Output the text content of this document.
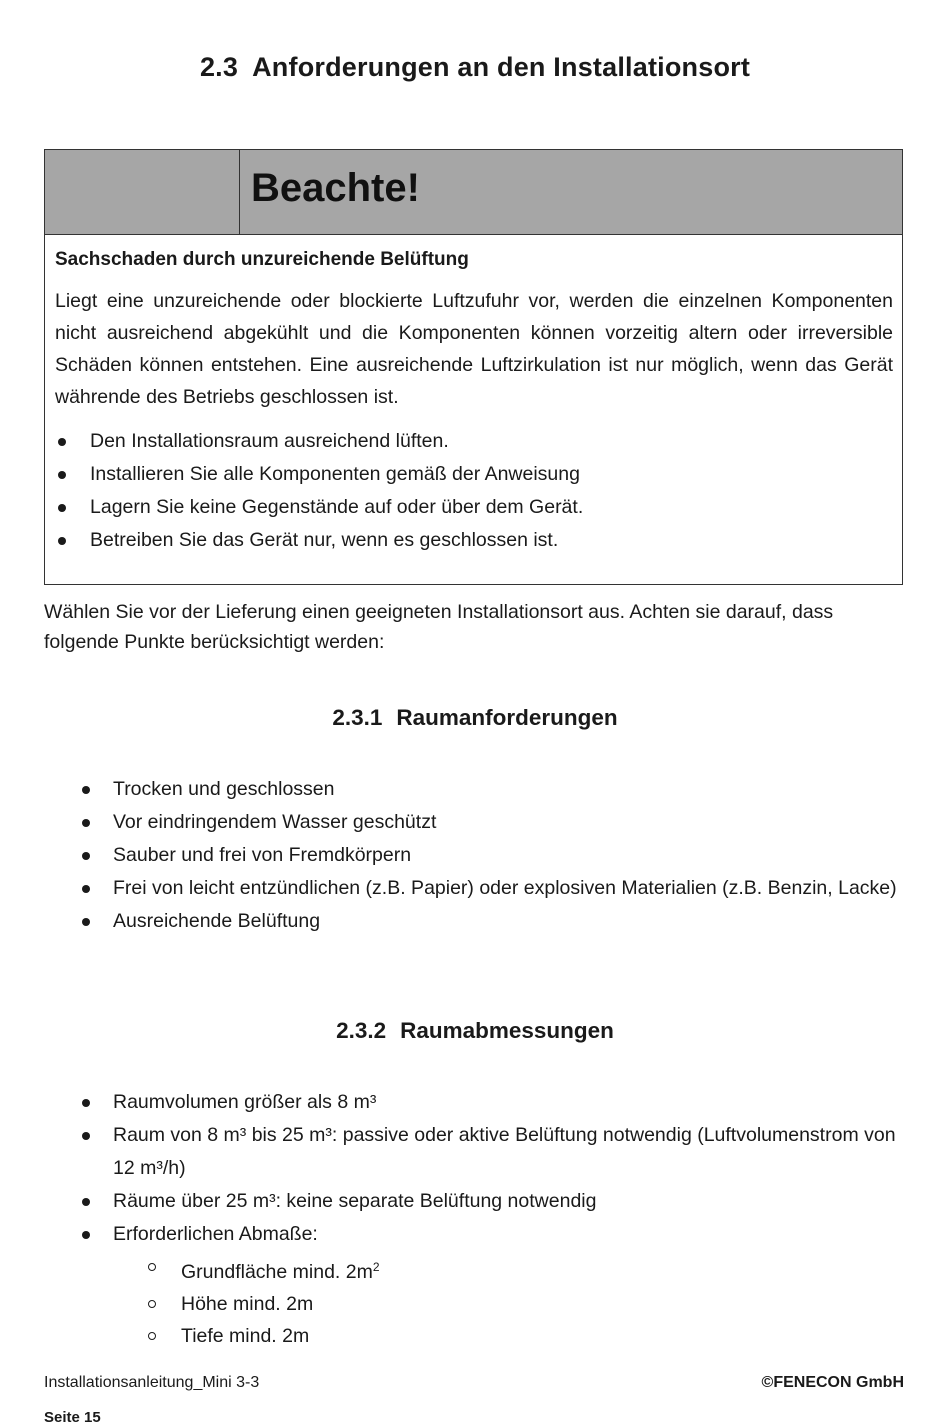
2.3 Anforderungen an den Installationsort
Beachte!
Sachschaden durch unzureichende Belüftung
Liegt eine unzureichende oder blockierte Luftzufuhr vor, werden die einzelnen Komponenten nicht ausreichend abgekühlt und die Komponenten können vorzeitig altern oder irreversible Schäden können entstehen. Eine ausreichende Luftzirkulation ist nur möglich, wenn das Gerät währende des Betriebs geschlossen ist.
Den Installationsraum ausreichend lüften.
Installieren Sie alle Komponenten gemäß der Anweisung
Lagern Sie keine Gegenstände auf oder über dem Gerät.
Betreiben Sie das Gerät nur, wenn es geschlossen ist.
Wählen Sie vor der Lieferung einen geeigneten Installationsort aus. Achten sie darauf, dass folgende Punkte berücksichtigt werden:
2.3.1 Raumanforderungen
Trocken und geschlossen
Vor eindringendem Wasser geschützt
Sauber und frei von Fremdkörpern
Frei von leicht entzündlichen (z.B. Papier) oder explosiven Materialien (z.B. Benzin, Lacke)
Ausreichende Belüftung
2.3.2 Raumabmessungen
Raumvolumen größer als 8 m³
Raum von 8 m³ bis 25 m³: passive oder aktive Belüftung notwendig (Luftvolumenstrom von 12 m³/h)
Räume über 25 m³: keine separate Belüftung notwendig
Erforderlichen Abmaße:
Grundfläche mind. $2m^2$
Höhe mind. 2m
Tiefe mind. 2m
Installationsanleitung_Mini 3-3	©FENECON GmbH
Seite 15
